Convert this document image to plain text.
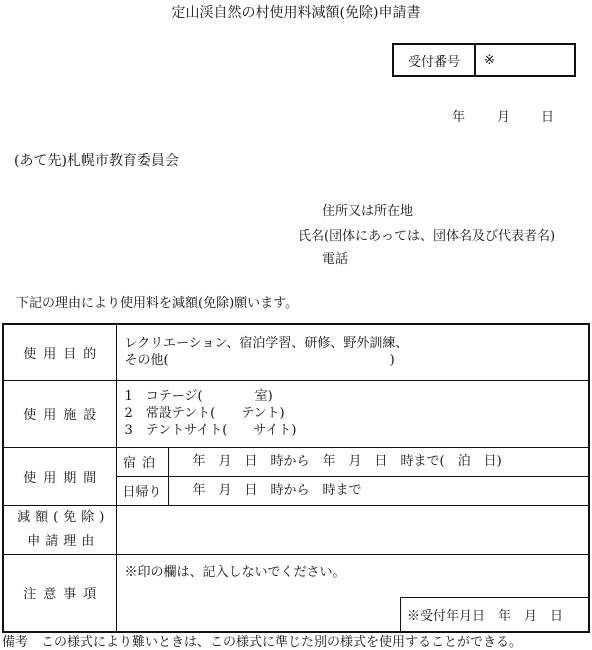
定山渓自然の村使用料減額(免除)申請書
受付番号	※
年 月 日
(あて先)札幌市教育委員会
住所又は所在地
氏名(団体にあっては、団体名及び代表者名)
電話
下記の理由により使用料を減額(免除)願います。
使用目的	レクリエーション、宿泊学習、研修、野外訓練、
その他(　　　　　　　　　　　　　　　　　)	

使用施設	1　コテージ(　　　　室)
2　常設テント(　　テント)
3　テントサイト(　　サイト)	

使用期間	宿泊	年　月　日　時から　年　月　日　時まで(　泊　日)
	日帰り	年　月　日　時から　時まで

減額(免除)
申請理由		

注意事項	※印の欄は、記入しないでください。
※受付年月日　年　月　日	
備考　この様式により難いときは、この様式に準じた別の様式を使用することができる。
